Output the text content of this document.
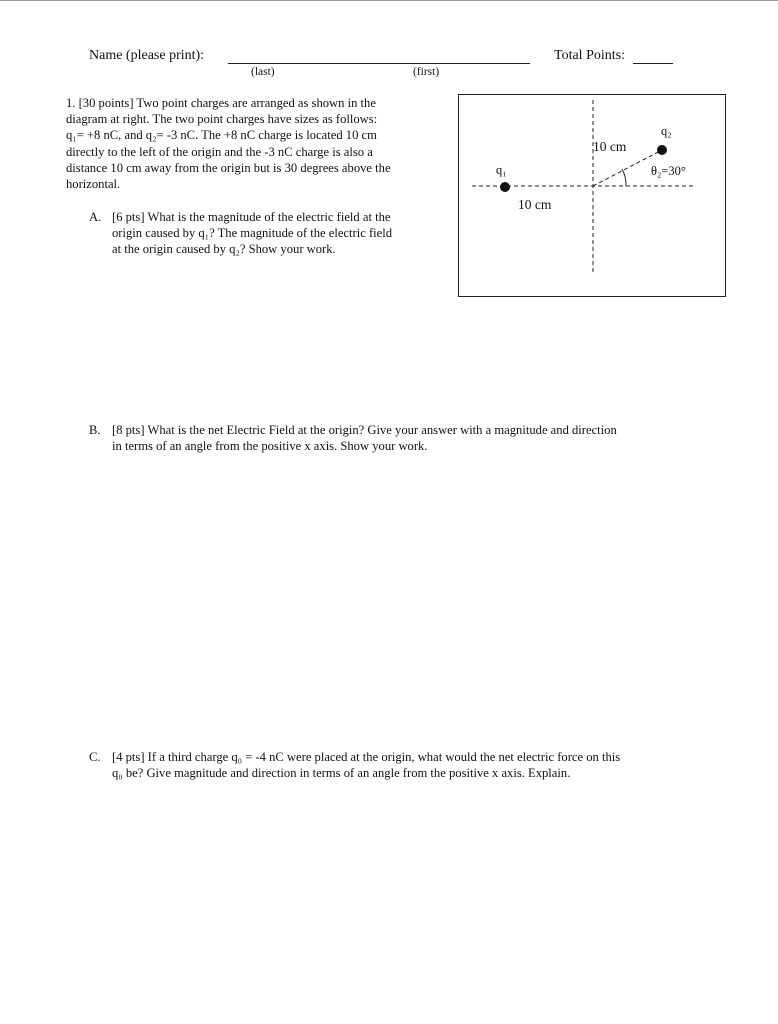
Name (please print):
(last)	(first)
Total Points:
1. [30 points] Two point charges are arranged as shown in the
diagram at right. The two point charges have sizes as follows:
q₁= +8 nC, and q₂= -3 nC. The +8 nC charge is located 10 cm
directly to the left of the origin and the -3 nC charge is also a
distance 10 cm away from the origin but is 30 degrees above the
horizontal.
A. [6 pts] What is the magnitude of the electric field at the
origin caused by q₁? The magnitude of the electric field
at the origin caused by q₂? Show your work.
q₁
q₂
10 cm
10 cm
θ₂=30°
B. [8 pts] What is the net Electric Field at the origin? Give your answer with a magnitude and direction
in terms of an angle from the positive x axis. Show your work.
C. [4 pts] If a third charge q₀ = -4 nC were placed at the origin, what would the net electric force on this
q₀ be? Give magnitude and direction in terms of an angle from the positive x axis. Explain.
